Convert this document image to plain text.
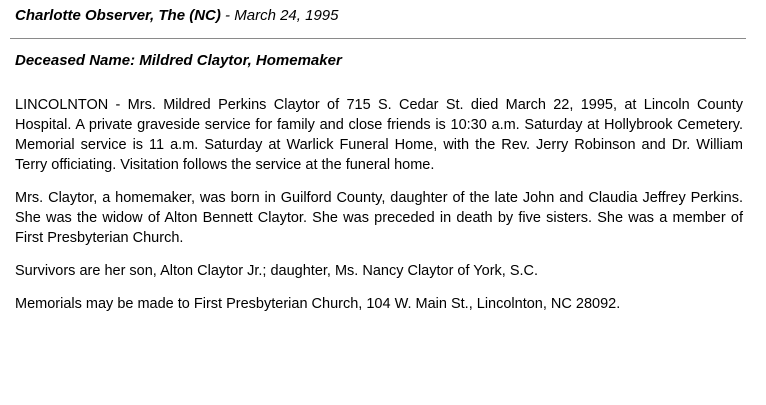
Charlotte Observer, The (NC) - March 24, 1995
Deceased Name: Mildred Claytor, Homemaker

LINCOLNTON - Mrs. Mildred Perkins Claytor of 715 S. Cedar St. died March 22, 1995, at Lincoln County Hospital. A private graveside service for family and close friends is 10:30 a.m. Saturday at Hollybrook Cemetery. Memorial service is 11 a.m. Saturday at Warlick Funeral Home, with the Rev. Jerry Robinson and Dr. William Terry officiating. Visitation follows the service at the funeral home.

Mrs. Claytor, a homemaker, was born in Guilford County, daughter of the late John and Claudia Jeffrey Perkins. She was the widow of Alton Bennett Claytor. She was preceded in death by five sisters. She was a member of First Presbyterian Church.

Survivors are her son, Alton Claytor Jr.; daughter, Ms. Nancy Claytor of York, S.C.

Memorials may be made to First Presbyterian Church, 104 W. Main St., Lincolnton, NC 28092.
